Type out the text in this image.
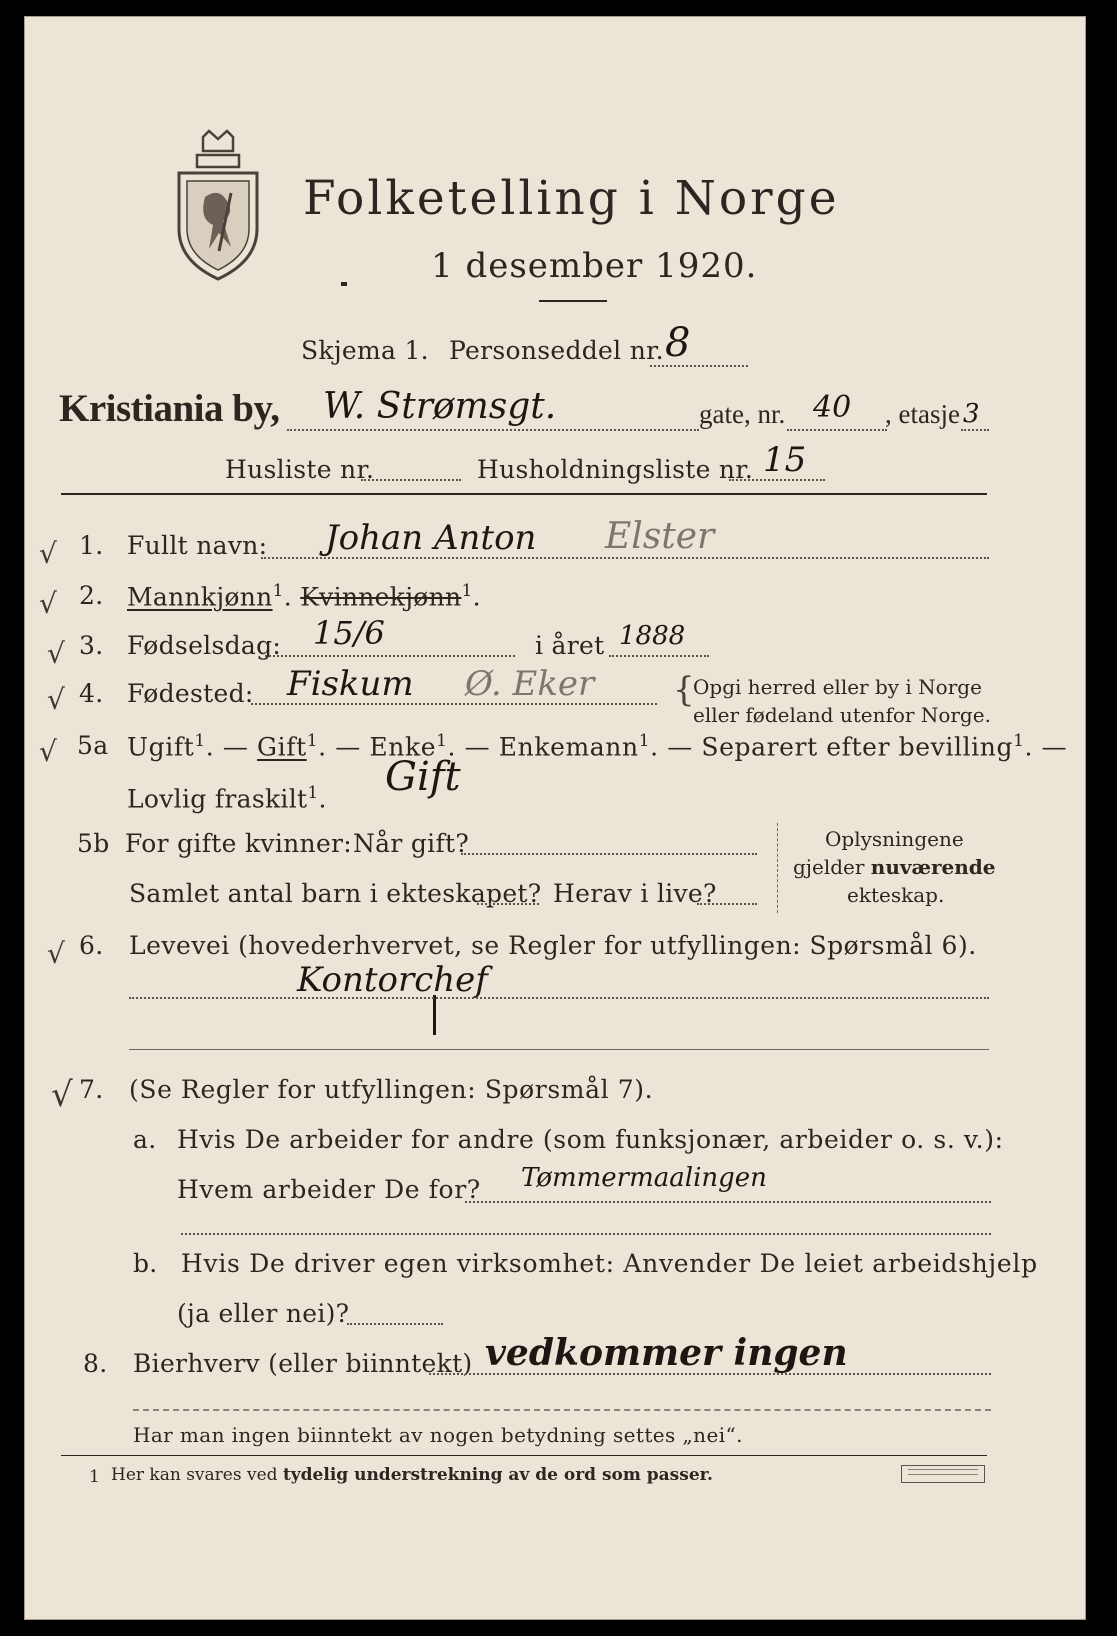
Folketelling i Norge
1 desember 1920.
Skjema 1. Personseddel nr. 8
Kristiania by, W. Strømsgt.	gate, nr. 40 , etasje 3
Husliste nr.	Husholdningsliste nr. 15
√ 1. Fullt navn: Johan Anton Elster
√ 2. Mannkjønn$^1$. Kvinnekjønn$^1$.
√ 3. Fødselsdag: 15/6	i året 1888
√ 4. Fødested: Fiskum Ø. Eker {
Opgi herred eller by i Norge
eller fødeland utenfor Norge.
√ 5a Ugift$^1$. — Gift$^1$. — Enke$^1$. — Enkemann$^1$. — Separert efter bevilling$^1$. —
Lovlig fraskilt$^1$. Gift
5b For gifte kvinner: Når gift?
Samlet antal barn i ekteskapet? Herav i live?
Oplysningene
gjelder nuværende
ekteskap.
√ 6. Levevei (hovederhvervet, se Regler for utfyllingen: Spørsmål 6).
Kontorchef
√ 7. (Se Regler for utfyllingen: Spørsmål 7).
a. Hvis De arbeider for andre (som funksjonær, arbeider o. s. v.):
Hvem arbeider De for? Tømmermaalingen
b. Hvis De driver egen virksomhet: Anvender De leiet arbeidshjelp
(ja eller nei)?
8. Bierhverv (eller biinntekt) vedkommer ingen
Har man ingen biinntekt av nogen betydning settes „nei“.
1 Her kan svares ved tydelig understrekning av de ord som passer.
